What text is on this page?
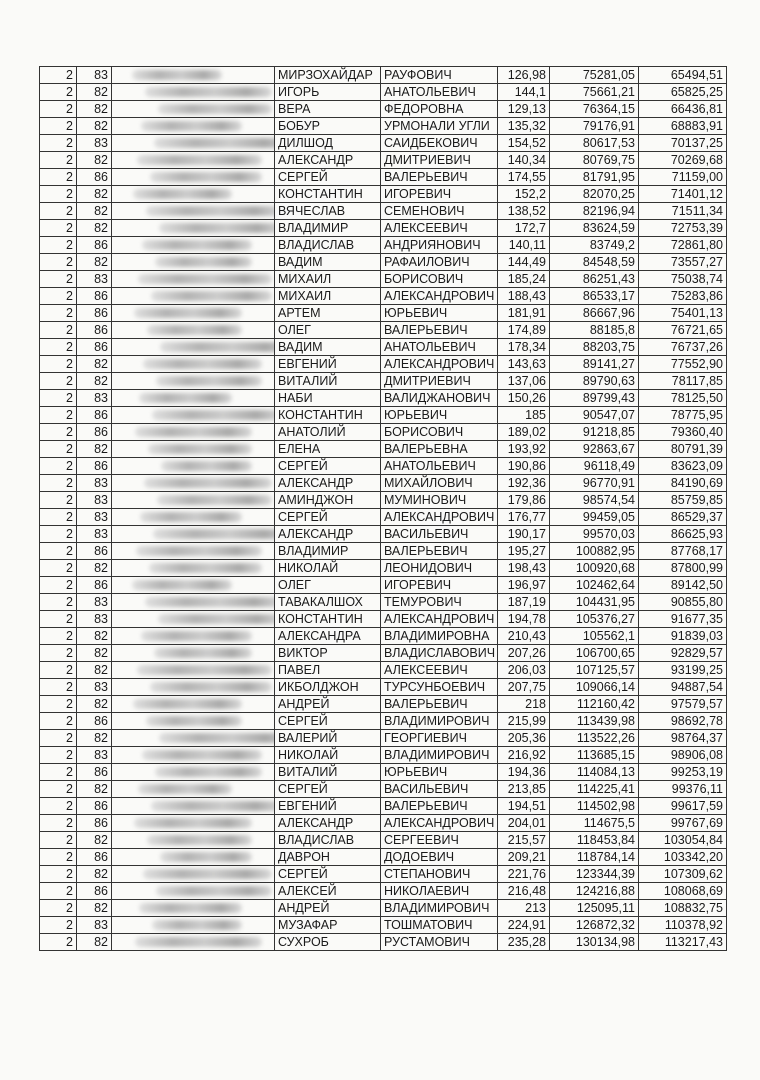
2	83		МИРЗОХАЙДАР	РАУФОВИЧ	126,98	75281,05	65494,51
2	82		ИГОРЬ	АНАТОЛЬЕВИЧ	144,1	75661,21	65825,25
2	82		ВЕРА	ФЕДОРОВНА	129,13	76364,15	66436,81
2	82		БОБУР	УРМОНАЛИ УГЛИ	135,32	79176,91	68883,91
2	83		ДИЛШОД	САИДБЕКОВИЧ	154,52	80617,53	70137,25
2	82		АЛЕКСАНДР	ДМИТРИЕВИЧ	140,34	80769,75	70269,68
2	86		СЕРГЕЙ	ВАЛЕРЬЕВИЧ	174,55	81791,95	71159,00
2	82		КОНСТАНТИН	ИГОРЕВИЧ	152,2	82070,25	71401,12
2	82		ВЯЧЕСЛАВ	СЕМЕНОВИЧ	138,52	82196,94	71511,34
2	82		ВЛАДИМИР	АЛЕКСЕЕВИЧ	172,7	83624,59	72753,39
2	86		ВЛАДИСЛАВ	АНДРИЯНОВИЧ	140,11	83749,2	72861,80
2	82		ВАДИМ	РАФАИЛОВИЧ	144,49	84548,59	73557,27
2	83		МИХАИЛ	БОРИСОВИЧ	185,24	86251,43	75038,74
2	86		МИХАИЛ	АЛЕКСАНДРОВИЧ	188,43	86533,17	75283,86
2	86		АРТЕМ	ЮРЬЕВИЧ	181,91	86667,96	75401,13
2	86		ОЛЕГ	ВАЛЕРЬЕВИЧ	174,89	88185,8	76721,65
2	86		ВАДИМ	АНАТОЛЬЕВИЧ	178,34	88203,75	76737,26
2	82		ЕВГЕНИЙ	АЛЕКСАНДРОВИЧ	143,63	89141,27	77552,90
2	82		ВИТАЛИЙ	ДМИТРИЕВИЧ	137,06	89790,63	78117,85
2	83		НАБИ	ВАЛИДЖАНОВИЧ	150,26	89799,43	78125,50
2	86		КОНСТАНТИН	ЮРЬЕВИЧ	185	90547,07	78775,95
2	86		АНАТОЛИЙ	БОРИСОВИЧ	189,02	91218,85	79360,40
2	82		ЕЛЕНА	ВАЛЕРЬЕВНА	193,92	92863,67	80791,39
2	86		СЕРГЕЙ	АНАТОЛЬЕВИЧ	190,86	96118,49	83623,09
2	83		АЛЕКСАНДР	МИХАЙЛОВИЧ	192,36	96770,91	84190,69
2	83		АМИНДЖОН	МУМИНОВИЧ	179,86	98574,54	85759,85
2	83		СЕРГЕЙ	АЛЕКСАНДРОВИЧ	176,77	99459,05	86529,37
2	83		АЛЕКСАНДР	ВАСИЛЬЕВИЧ	190,17	99570,03	86625,93
2	86		ВЛАДИМИР	ВАЛЕРЬЕВИЧ	195,27	100882,95	87768,17
2	82		НИКОЛАЙ	ЛЕОНИДОВИЧ	198,43	100920,68	87800,99
2	86		ОЛЕГ	ИГОРЕВИЧ	196,97	102462,64	89142,50
2	83		ТАВАКАЛШОХ	ТЕМУРОВИЧ	187,19	104431,95	90855,80
2	83		КОНСТАНТИН	АЛЕКСАНДРОВИЧ	194,78	105376,27	91677,35
2	82		АЛЕКСАНДРА	ВЛАДИМИРОВНА	210,43	105562,1	91839,03
2	82		ВИКТОР	ВЛАДИСЛАВОВИЧ	207,26	106700,65	92829,57
2	82		ПАВЕЛ	АЛЕКСЕЕВИЧ	206,03	107125,57	93199,25
2	83		ИКБОЛДЖОН	ТУРСУНБОЕВИЧ	207,75	109066,14	94887,54
2	82		АНДРЕЙ	ВАЛЕРЬЕВИЧ	218	112160,42	97579,57
2	86		СЕРГЕЙ	ВЛАДИМИРОВИЧ	215,99	113439,98	98692,78
2	82		ВАЛЕРИЙ	ГЕОРГИЕВИЧ	205,36	113522,26	98764,37
2	83		НИКОЛАЙ	ВЛАДИМИРОВИЧ	216,92	113685,15	98906,08
2	86		ВИТАЛИЙ	ЮРЬЕВИЧ	194,36	114084,13	99253,19
2	82		СЕРГЕЙ	ВАСИЛЬЕВИЧ	213,85	114225,41	99376,11
2	86		ЕВГЕНИЙ	ВАЛЕРЬЕВИЧ	194,51	114502,98	99617,59
2	86		АЛЕКСАНДР	АЛЕКСАНДРОВИЧ	204,01	114675,5	99767,69
2	82		ВЛАДИСЛАВ	СЕРГЕЕВИЧ	215,57	118453,84	103054,84
2	86		ДАВРОН	ДОДОЕВИЧ	209,21	118784,14	103342,20
2	82		СЕРГЕЙ	СТЕПАНОВИЧ	221,76	123344,39	107309,62
2	86		АЛЕКСЕЙ	НИКОЛАЕВИЧ	216,48	124216,88	108068,69
2	82		АНДРЕЙ	ВЛАДИМИРОВИЧ	213	125095,11	108832,75
2	83		МУЗАФАР	ТОШМАТОВИЧ	224,91	126872,32	110378,92
2	82		СУХРОБ	РУСТАМОВИЧ	235,28	130134,98	113217,43
